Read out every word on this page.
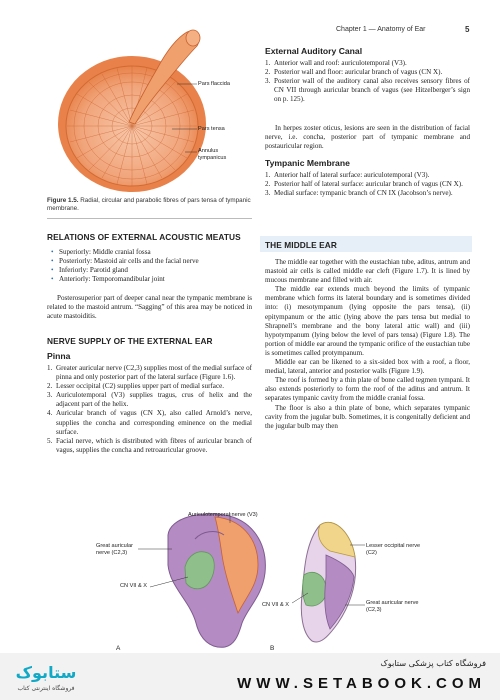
Chapter 1 — Anatomy of Ear	5
Pars flaccida
Pars tensa
Annulus tympanicus
Figure 1.5. Radial, circular and parabolic fibres of pars tensa of tympanic membrane.
RELATIONS OF EXTERNAL ACOUSTIC MEATUS
• Superiorly: Middle cranial fossa
• Posteriorly: Mastoid air cells and the facial nerve
• Inferiorly: Parotid gland
• Anteriorly: Temporomandibular joint

Posterosuperior part of deeper canal near the tympanic membrane is related to the mastoid antrum. “Sagging” of this area may be noticed in acute mastoiditis.

NERVE SUPPLY OF THE EXTERNAL EAR
Pinna
1. Greater auricular nerve (C2,3) supplies most of the medial surface of pinna and only posterior part of the lateral surface (Figure 1.6).
2. Lesser occipital (C2) supplies upper part of medial surface.
3. Auriculotemporal (V3) supplies tragus, crus of helix and the adjacent part of the helix.
4. Auricular branch of vagus (CN X), also called Arnold’s nerve, supplies the concha and corresponding eminence on the medial surface.
5. Facial nerve, which is distributed with fibres of auricular branch of vagus, supplies the concha and retroauricular groove.
External Auditory Canal
1. Anterior wall and roof: auriculotemporal (V3).
2. Posterior wall and floor: auricular branch of vagus (CN X).
3. Posterior wall of the auditory canal also receives sensory fibres of CN VII through auricular branch of vagus (see Hitzelberger’s sign on p. 125).

In herpes zoster oticus, lesions are seen in the distribution of facial nerve, i.e. concha, posterior part of tympanic membrane and postauricular region.

Tympanic Membrane
1. Anterior half of lateral surface: auriculotemporal (V3).
2. Posterior half of lateral surface: auricular branch of vagus (CN X).
3. Medial surface: tympanic branch of CN IX (Jacobson’s nerve).
THE MIDDLE EAR

The middle ear together with the eustachian tube, aditus, antrum and mastoid air cells is called middle ear cleft (Figure 1.7). It is lined by mucous membrane and filled with air.

The middle ear extends much beyond the limits of tympanic membrane which forms its lateral boundary and is sometimes divided into: (i) mesotympanum (lying opposite the pars tensa), (ii) epitympanum or the attic (lying above the pars tensa but medial to Shrapnell’s membrane and the bony lateral attic wall) and (iii) hypotympanum (lying below the level of pars tensa) (Figure 1.8). The portion of middle ear around the tympanic orifice of the eustachian tube is sometimes called protympanum.

Middle ear can be likened to a six-sided box with a roof, a floor, medial, lateral, anterior and posterior walls (Figure 1.9).

The roof is formed by a thin plate of bone called tegmen tympani. It also extends posteriorly to form the roof of the aditus and antrum. It separates tympanic cavity from the middle cranial fossa.

The floor is also a thin plate of bone, which separates tympanic cavity from the jugular bulb. Sometimes, it is congenitally deficient and the jugular bulb may then

Auriculotemporal nerve (V3)
Great auricular nerve (C2,3)
CN VII & X
Lesser occipital nerve (C2)
CN VII & X	Great auricular nerve (C2,3)
A	B
ستابوک
فروشگاه اینترنتی کتاب
فروشگاه کتاب پزشکی ستابوک
WWW.SETABOOK.COM
